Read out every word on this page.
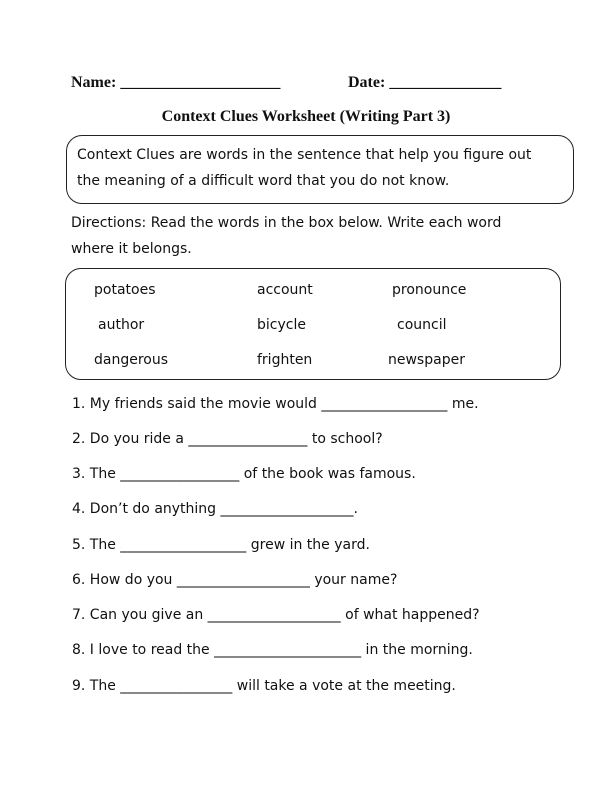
Name: ____________________	Date: ______________
Context Clues Worksheet (Writing Part 3)

Context Clues are words in the sentence that help you figure out

the meaning of a difficult word that you do not know.

Directions: Read the words in the box below. Write each word
where it belongs.
potatoes	account	pronounce
author	bicycle	council
dangerous	frighten	newspaper
1. My friends said the movie would __________________ me.
2. Do you ride a _________________ to school?
3. The _________________ of the book was famous.
4. Don’t do anything ___________________.
5. The __________________ grew in the yard.
6. How do you ___________________ your name?
7. Can you give an ___________________ of what happened?
8. I love to read the _____________________ in the morning.
9. The ________________ will take a vote at the meeting.
